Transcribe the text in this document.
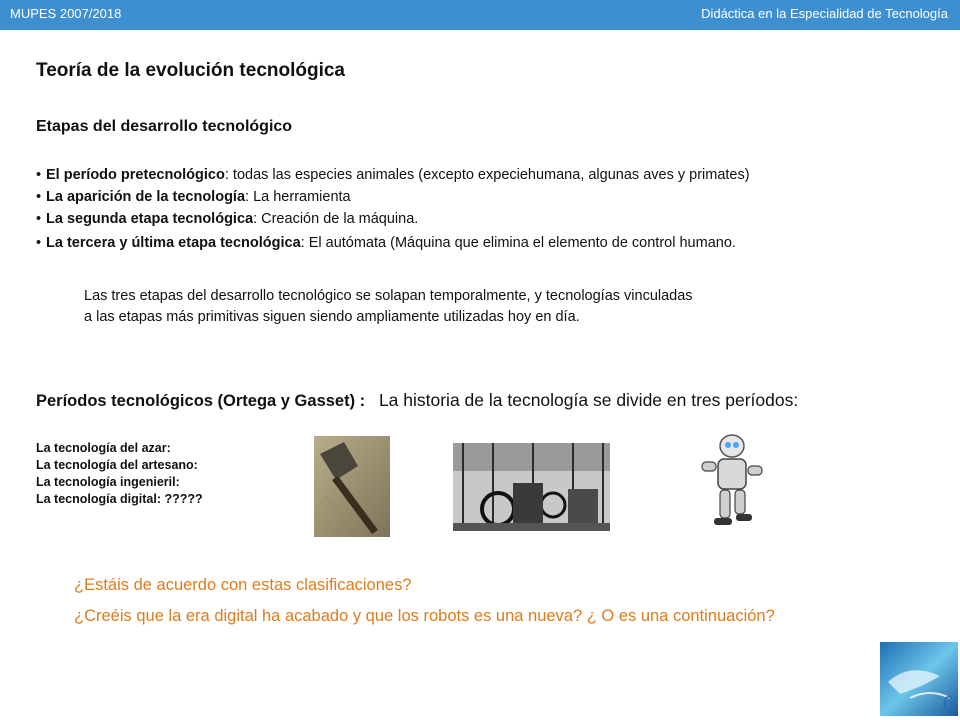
MUPES 2007/2018	Didáctica en la Especialidad de Tecnología
Teoría de la evolución tecnológica
Etapas del desarrollo tecnológico
• El período pretecnológico: todas las especies animales (excepto expeciehumana, algunas aves y primates)
• La aparición de la tecnología: La herramienta
• La segunda etapa tecnológica: Creación de la máquina.
• La tercera y última etapa tecnológica: El autómata (Máquina que elimina el elemento de control humano.
Las tres etapas del desarrollo tecnológico se solapan temporalmente, y tecnologías vinculadas
a las etapas más primitivas siguen siendo ampliamente utilizadas hoy en día.
Períodos tecnológicos (Ortega y Gasset) : La historia de la tecnología se divide en tres períodos:
La tecnología del azar:
La tecnología del artesano:
La tecnología ingenieril:
La tecnología digital: ?????
¿Estáis de acuerdo con estas clasificaciones?
¿Creéis que la era digital ha acabado y que los robots es una nueva? ¿ O es una continuación?
6
